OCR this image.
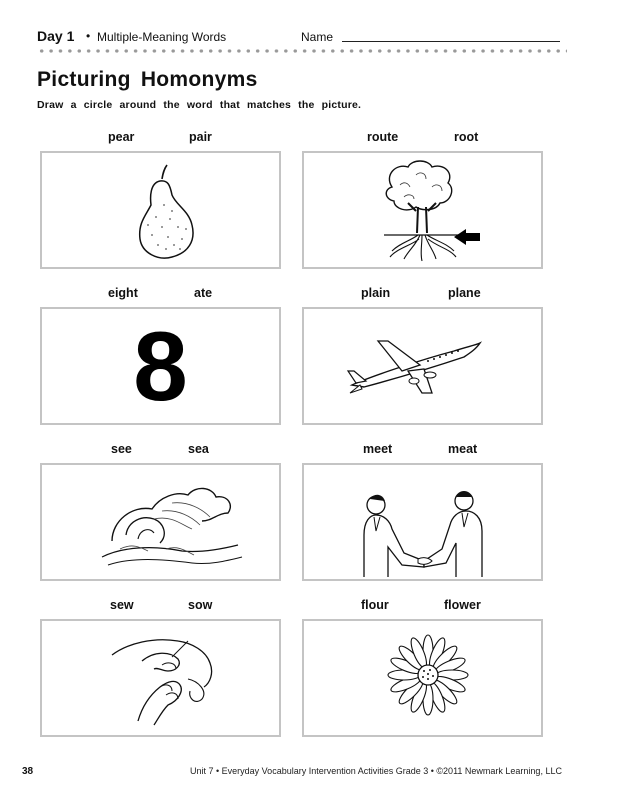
Day 1 • Multiple-Meaning Words	Name
Picturing Homonyms
Draw a circle around the word that matches the picture.
pear	pair	route	root
eight	ate	plain	plane
8
see	sea	meet	meat
sew	sow	flour	flower
38	Unit 7 • Everyday Vocabulary Intervention Activities Grade 3 • ©2011 Newmark Learning, LLC
